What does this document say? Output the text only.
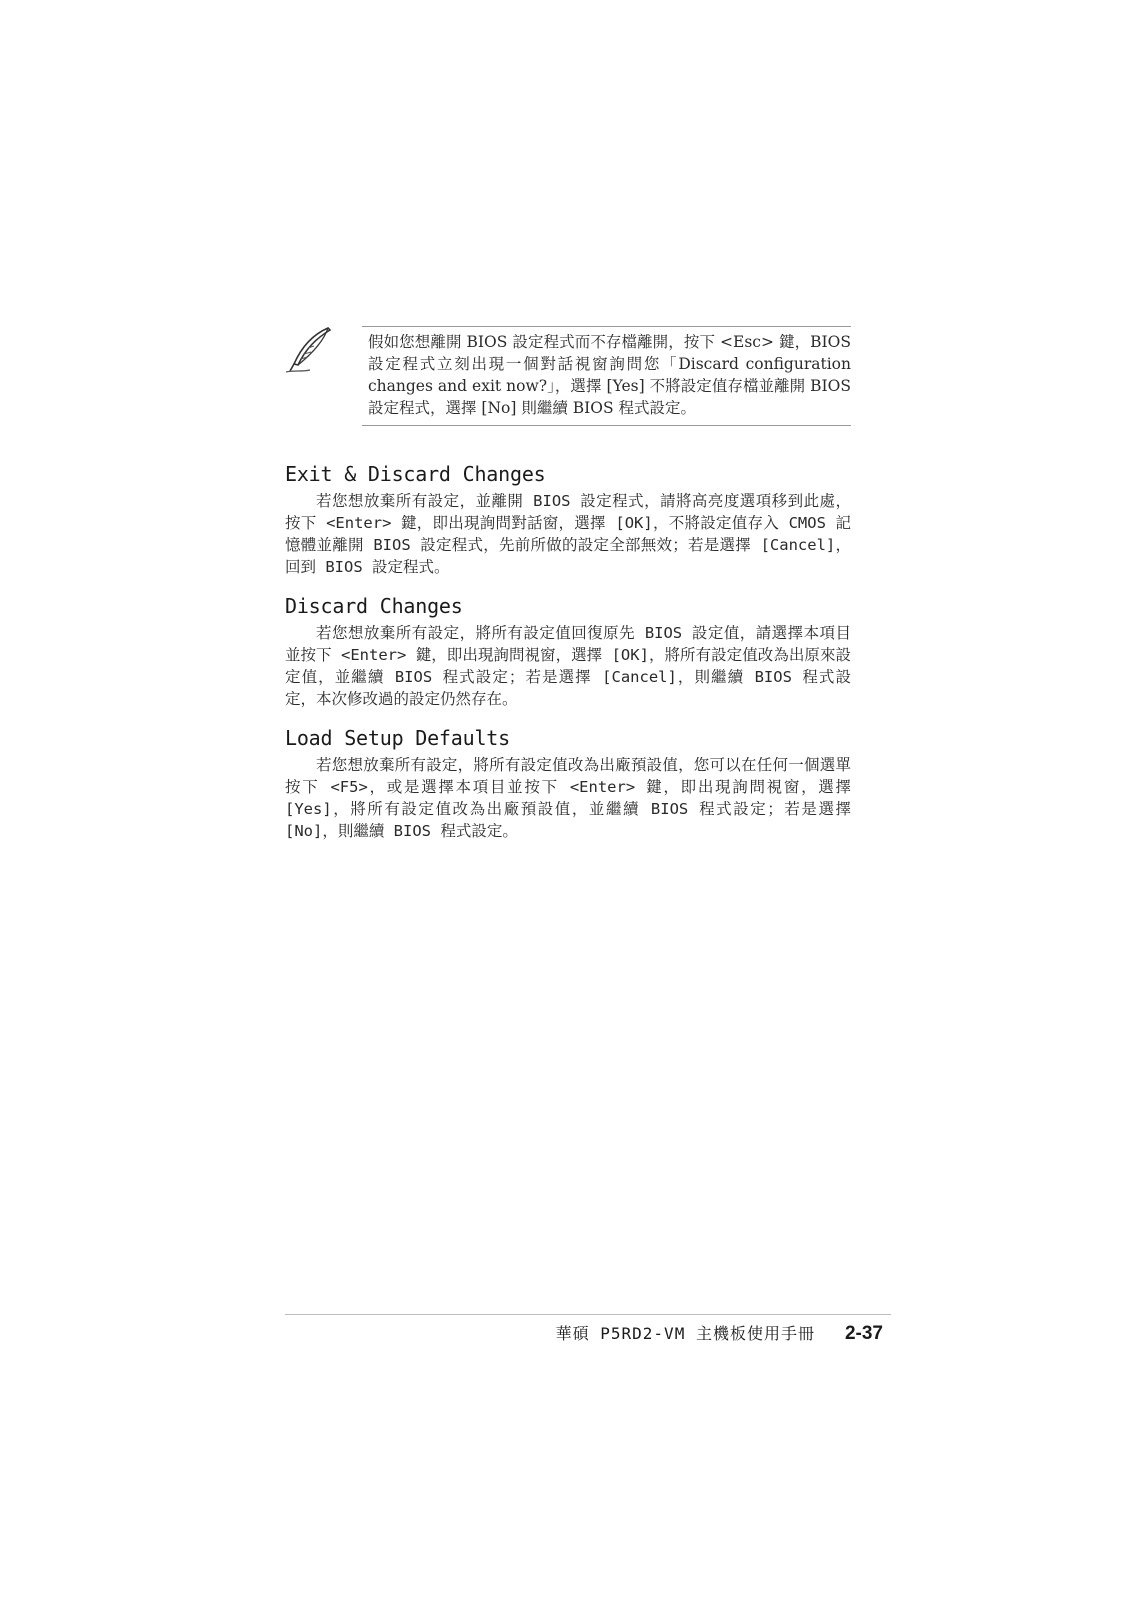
假如您想離開 BIOS 設定程式而不存檔離開，按下 <Esc> 鍵，BIOS 設定程式立刻出現一個對話視窗詢問您「Discard configuration changes and exit now?」，選擇 [Yes] 不將設定值存檔並離開 BIOS 設定程式，選擇 [No] 則繼續 BIOS 程式設定。
Exit & Discard Changes

若您想放棄所有設定，並離開 BIOS 設定程式，請將高亮度選項移到此處，按下 <Enter> 鍵，即出現詢問對話窗，選擇 [OK]，不將設定值存入 CMOS 記憶體並離開 BIOS 設定程式，先前所做的設定全部無效；若是選擇 [Cancel]，回到 BIOS 設定程式。

Discard Changes

若您想放棄所有設定，將所有設定值回復原先 BIOS 設定值，請選擇本項目並按下 <Enter> 鍵，即出現詢問視窗，選擇 [OK]，將所有設定值改為出原來設定值，並繼續 BIOS 程式設定；若是選擇 [Cancel]，則繼續 BIOS 程式設定，本次修改過的設定仍然存在。

Load Setup Defaults

若您想放棄所有設定，將所有設定值改為出廠預設值，您可以在任何一個選單按下 <F5>，或是選擇本項目並按下 <Enter> 鍵，即出現詢問視窗，選擇 [Yes]，將所有設定值改為出廠預設值，並繼續 BIOS 程式設定；若是選擇 [No]，則繼續 BIOS 程式設定。

華碩 P5RD2-VM 主機板使用手冊 2-37
